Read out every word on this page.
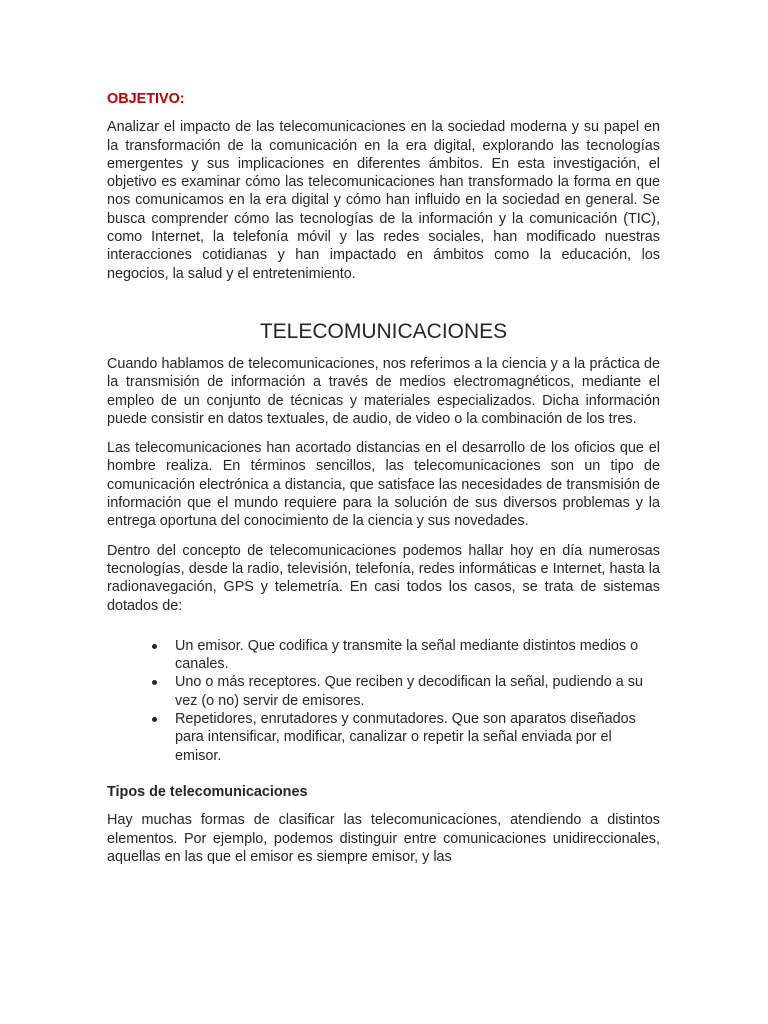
OBJETIVO:

Analizar el impacto de las telecomunicaciones en la sociedad moderna y su papel en la transformación de la comunicación en la era digital, explorando las tecnologías emergentes y sus implicaciones en diferentes ámbitos. En esta investigación, el objetivo es examinar cómo las telecomunicaciones han transformado la forma en que nos comunicamos en la era digital y cómo han influido en la sociedad en general. Se busca comprender cómo las tecnologías de la información y la comunicación (TIC), como Internet, la telefonía móvil y las redes sociales, han modificado nuestras interacciones cotidianas y han impactado en ámbitos como la educación, los negocios, la salud y el entretenimiento.

TELECOMUNICACIONES

Cuando hablamos de telecomunicaciones, nos referimos a la ciencia y a la práctica de la transmisión de información a través de medios electromagnéticos, mediante el empleo de un conjunto de técnicas y materiales especializados. Dicha información puede consistir en datos textuales, de audio, de video o la combinación de los tres.

Las telecomunicaciones han acortado distancias en el desarrollo de los oficios que el hombre realiza. En términos sencillos, las telecomunicaciones son un tipo de comunicación electrónica a distancia, que satisface las necesidades de transmisión de información que el mundo requiere para la solución de sus diversos problemas y la entrega oportuna del conocimiento de la ciencia y sus novedades.

Dentro del concepto de telecomunicaciones podemos hallar hoy en día numerosas tecnologías, desde la radio, televisión, telefonía, redes informáticas e Internet, hasta la radionavegación, GPS y telemetría. En casi todos los casos, se trata de sistemas dotados de:

Un emisor. Que codifica y transmite la señal mediante distintos medios o canales.
Uno o más receptores. Que reciben y decodifican la señal, pudiendo a su vez (o no) servir de emisores.
Repetidores, enrutadores y conmutadores. Que son aparatos diseñados para intensificar, modificar, canalizar o repetir la señal enviada por el emisor.
Tipos de telecomunicaciones

Hay muchas formas de clasificar las telecomunicaciones, atendiendo a distintos elementos. Por ejemplo, podemos distinguir entre comunicaciones unidireccionales, aquellas en las que el emisor es siempre emisor, y las
